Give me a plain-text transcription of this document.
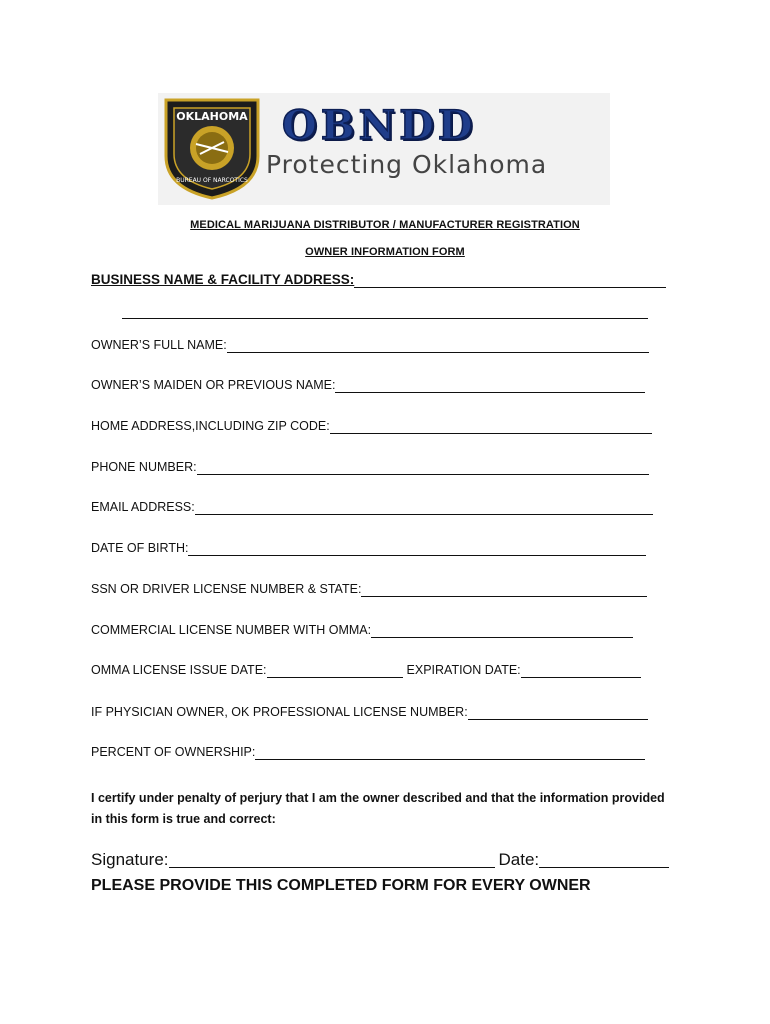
OKLAHOMA
BUREAU OF NARCOTICS
OBNDD
Protecting Oklahoma
MEDICAL MARIJUANA DISTRIBUTOR / MANUFACTURER REGISTRATION
OWNER INFORMATION FORM
BUSINESS NAME & FACILITY ADDRESS:
OWNER’S FULL NAME:
OWNER’S MAIDEN OR PREVIOUS NAME:
HOME ADDRESS,INCLUDING ZIP CODE:
PHONE NUMBER:
EMAIL ADDRESS:
DATE OF BIRTH:
SSN OR DRIVER LICENSE NUMBER & STATE:
COMMERCIAL LICENSE NUMBER WITH OMMA:
OMMA LICENSE ISSUE DATE:	EXPIRATION DATE:
IF PHYSICIAN OWNER, OK PROFESSIONAL LICENSE NUMBER:
PERCENT OF OWNERSHIP:
I certify under penalty of perjury that I am the owner described and that the information provided in this form is true and correct:
Signature:	Date:
PLEASE PROVIDE THIS COMPLETED FORM FOR EVERY OWNER
